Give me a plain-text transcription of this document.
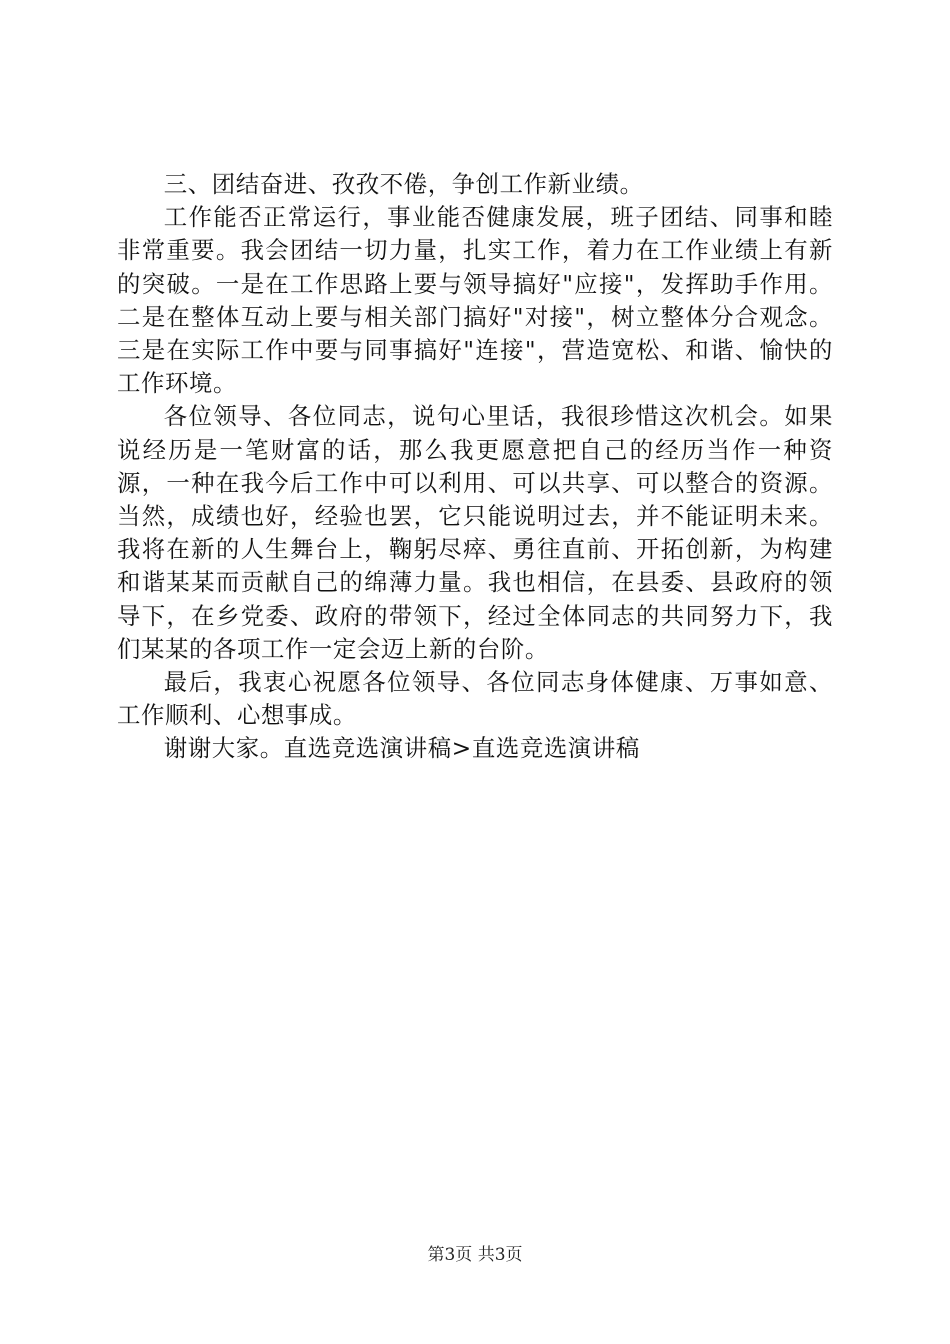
三、团结奋进、孜孜不倦，争创工作新业绩。

工作能否正常运行，事业能否健康发展，班子团结、同事和睦非常重要。我会团结一切力量，扎实工作，着力在工作业绩上有新的突破。一是在工作思路上要与领导搞好"应接"，发挥助手作用。二是在整体互动上要与相关部门搞好"对接"，树立整体分合观念。三是在实际工作中要与同事搞好"连接"，营造宽松、和谐、愉快的工作环境。

各位领导、各位同志，说句心里话，我很珍惜这次机会。如果说经历是一笔财富的话，那么我更愿意把自己的经历当作一种资源，一种在我今后工作中可以利用、可以共享、可以整合的资源。当然，成绩也好，经验也罢，它只能说明过去，并不能证明未来。我将在新的人生舞台上，鞠躬尽瘁、勇往直前、开拓创新，为构建和谐某某而贡献自己的绵薄力量。我也相信，在县委、县政府的领导下，在乡党委、政府的带领下，经过全体同志的共同努力下，我们某某的各项工作一定会迈上新的台阶。

最后，我衷心祝愿各位领导、各位同志身体健康、万事如意、工作顺利、心想事成。

谢谢大家。直选竞选演讲稿>直选竞选演讲稿

第3页 共3页
